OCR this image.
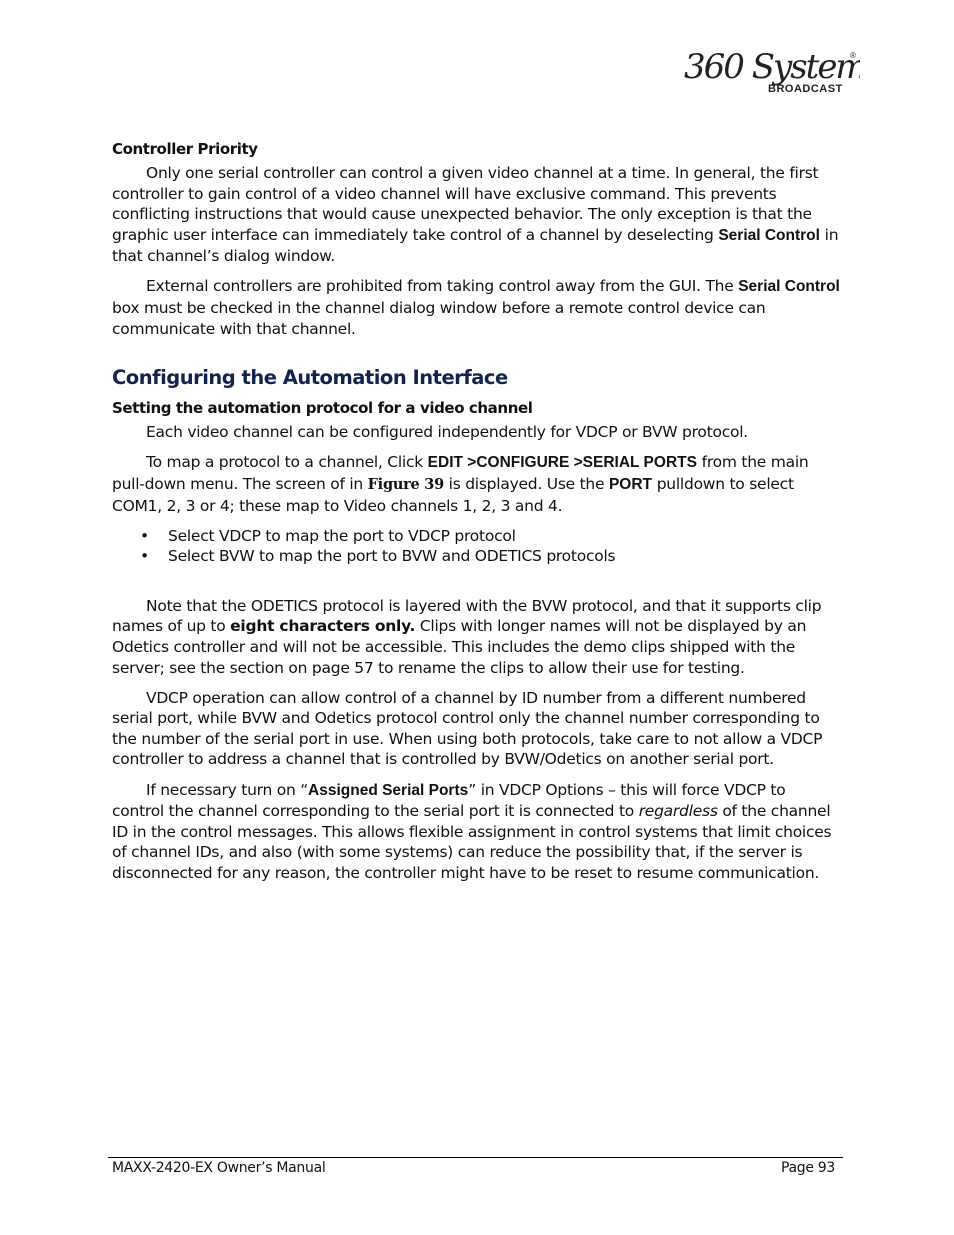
360 Syste
BROADCAST
®
Controller Priority

Only one serial controller can control a given video channel at a time. In general, the first controller to gain control of a video channel will have exclusive command. This prevents conflicting instructions that would cause unexpected behavior. The only exception is that the graphic user interface can immediately take control of a channel by deselecting Serial Control in that channel’s dialog window.

External controllers are prohibited from taking control away from the GUI. The Serial Control box must be checked in the channel dialog window before a remote control device can communicate with that channel.

Configuring the Automation Interface
Setting the automation protocol for a video channel

Each video channel can be configured independently for VDCP or BVW protocol.

To map a protocol to a channel, Click EDIT >CONFIGURE >SERIAL PORTS from the main pull-down menu. The screen of in Figure 39 is displayed. Use the PORT pulldown to select COM1, 2, 3 or 4; these map to Video channels 1, 2, 3 and 4.

• Select VDCP to map the port to VDCP protocol
• Select BVW to map the port to BVW and ODETICS protocols

Note that the ODETICS protocol is layered with the BVW protocol, and that it supports clip names of up to eight characters only. Clips with longer names will not be displayed by an Odetics controller and will not be accessible. This includes the demo clips shipped with the server; see the section on page 57 to rename the clips to allow their use for testing.

VDCP operation can allow control of a channel by ID number from a different numbered serial port, while BVW and Odetics protocol control only the channel number corresponding to the number of the serial port in use. When using both protocols, take care to not allow a VDCP controller to address a channel that is controlled by BVW/Odetics on another serial port.

If necessary turn on “Assigned Serial Ports” in VDCP Options – this will force VDCP to control the channel corresponding to the serial port it is connected to regardless of the channel ID in the control messages. This allows flexible assignment in control systems that limit choices of channel IDs, and also (with some systems) can reduce the possibility that, if the server is disconnected for any reason, the controller might have to be reset to resume communication.

MAXX-2420-EX Owner’s Manual	Page 93
